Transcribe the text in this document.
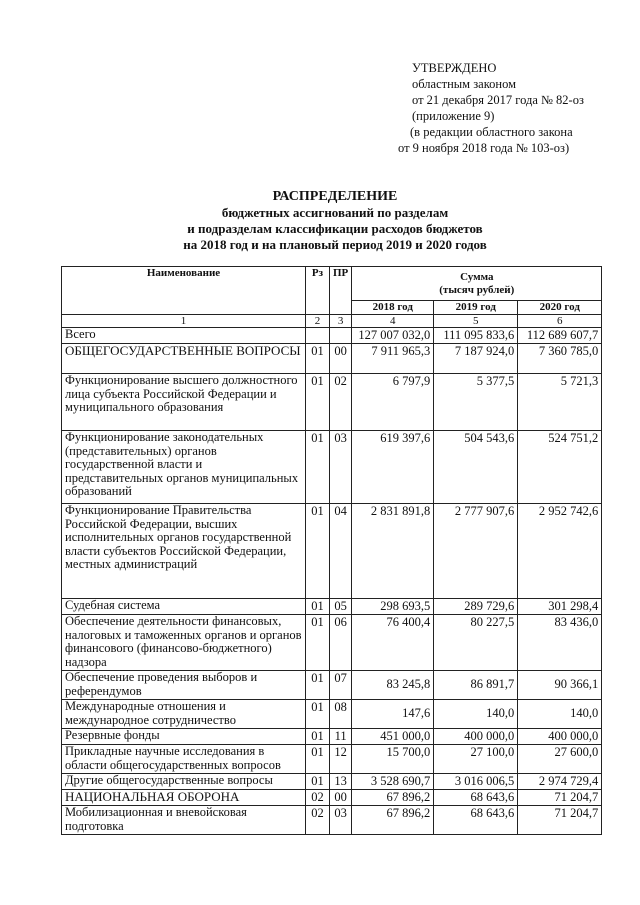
УТВЕРЖДЕНО
областным законом
от 21 декабря 2017 года № 82-оз
(приложение 9)
(в редакции областного закона
от 9 ноября 2018 года № 103-оз)
РАСПРЕДЕЛЕНИЕ
бюджетных ассигнований по разделам
и подразделам классификации расходов бюджетов
на 2018 год и на плановый период 2019 и 2020 годов
Наименование	Рз	ПР	Сумма
(тысяч рублей)		

			2018 год	2019 год	2020 год
1	2	3	4	5	6
Всего			127 007 032,0	111 095 833,6	112 689 607,7
ОБЩЕГОСУДАРСТВЕННЫЕ ВОПРОСЫ	01	00	7 911 965,3	7 187 924,0	7 360 785,0
Функционирование высшего должностного лица субъекта Российской Федерации и муниципального образования	01	02	6 797,9	5 377,5	5 721,3
Функционирование законодательных (представительных) органов государственной власти и представительных органов муниципальных образований	01	03	619 397,6	504 543,6	524 751,2
Функционирование Правительства Российской Федерации, высших исполнительных органов государственной власти субъектов Российской Федерации, местных администраций	01	04	2 831 891,8	2 777 907,6	2 952 742,6
Судебная система	01	05	298 693,5	289 729,6	301 298,4
Обеспечение деятельности финансовых, налоговых и таможенных органов и органов финансового (финансово-бюджетного) надзора	01	06	76 400,4	80 227,5	83 436,0
Обеспечение проведения выборов и референдумов	01	07	83 245,8	86 891,7	90 366,1
Международные отношения и международное сотрудничество	01	08	147,6	140,0	140,0
Резервные фонды	01	11	451 000,0	400 000,0	400 000,0
Прикладные научные исследования в области общегосударственных вопросов	01	12	15 700,0	27 100,0	27 600,0
Другие общегосударственные вопросы	01	13	3 528 690,7	3 016 006,5	2 974 729,4
НАЦИОНАЛЬНАЯ ОБОРОНА	02	00	67 896,2	68 643,6	71 204,7
Мобилизационная и вневойсковая подготовка	02	03	67 896,2	68 643,6	71 204,7
